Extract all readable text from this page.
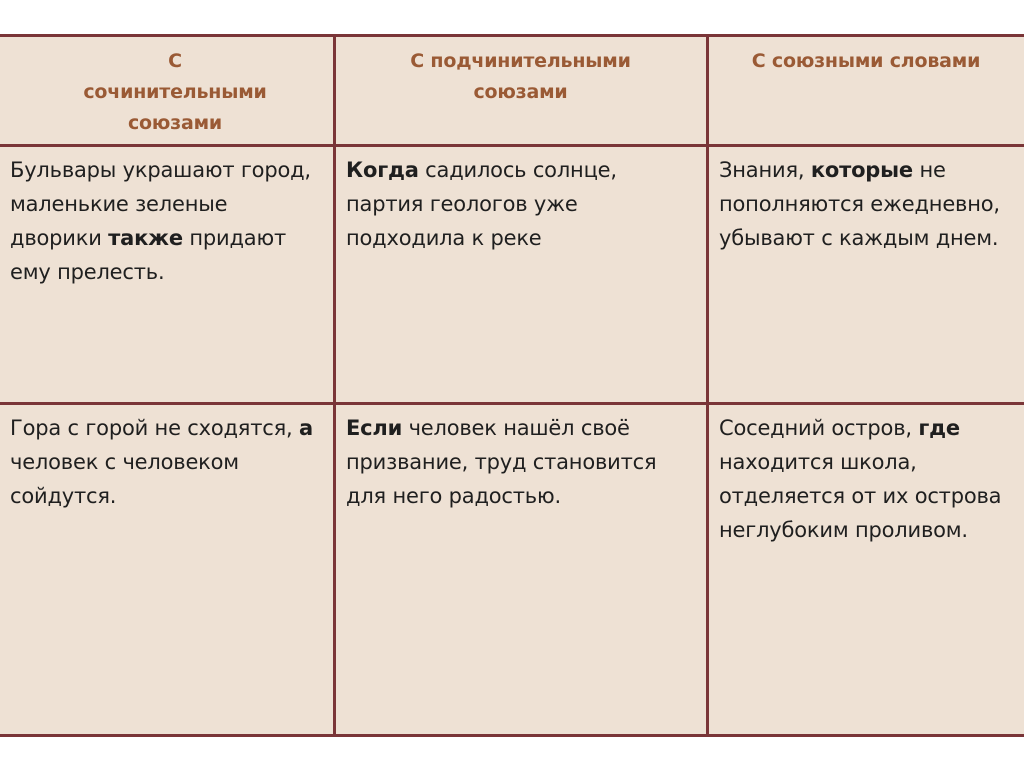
С сочинительными союзами
С подчинительными союзами
С союзными словами
Бульвары украшают город, маленькие зеленые дворики также придают ему прелесть.
Когда садилось солнце, партия геологов уже подходила к реке
Знания, которые не пополняются ежедневно, убывают с каждым днем.
Гора с горой не сходятся, а человек с человеком сойдутся.
Если человек нашёл своё призвание, труд становится для него радостью.
Соседний остров, где находится школа, отделяется от их острова неглубоким проливом.
